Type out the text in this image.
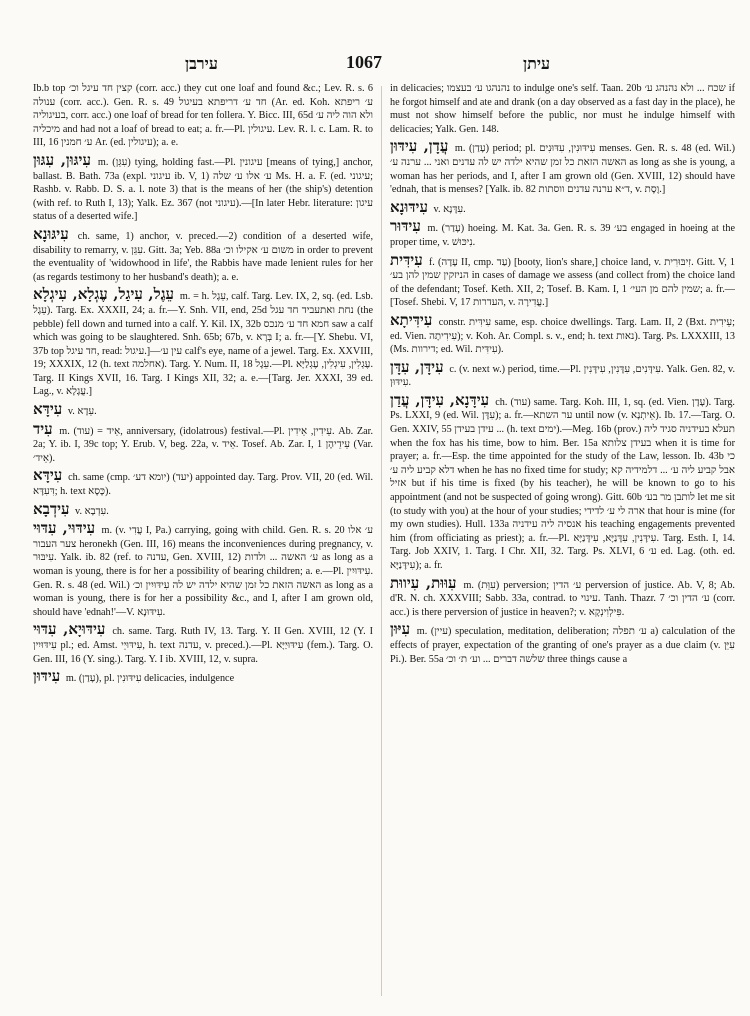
עירבן	1067	עיתן

Ib.b top קצין חד עיגל וכ׳ (corr. acc.) they cut one loaf and found &c.; Lev. R. s. 6 ענולה (corr. acc.). Gen. R. s. 49 חד ע׳ דריפתא בעיגול (Ar. ed. Koh. ע׳ ריפתא בעיגוליה, corr. acc.) one loaf of bread for ten follera. Y. Bicc. III, 65d ולא הוה ליה ע׳ מיכליה and had not a loaf of bread to eat; a. fr.—Pl. עיגולין. Lev. R. l. c. Lam. R. to III, 16 ע׳ חמנין Ar. (ed. עיגולין); a. e.

עִיגּוּן, עִגּוּן m. (עִגֵּן) tying, holding fast.—Pl. עיגונין [means of tying,] anchor, ballast. B. Bath. 73a (expl. עיגוני ib. V, 1) ע׳ אלו ע׳ שלה Ms. H. a. F. (ed. עיגוני; Rashb. v. Rabb. D. S. a. l. note 3) that is the means of her (the ship's) detention (with ref. to Ruth I, 13); Yalk. Ez. 367 (not עיגוני).—[In later Hebr. literature: עיגון status of a deserted wife.]

עִיגּוּנָא ch. same, 1) anchor, v. preced.—2) condition of a deserted wife, disability to remarry, v. עִגֵּן. Gitt. 3a; Yeb. 88a משום ע׳ אקילו וכ׳ in order to prevent the eventuality of 'widowhood in life', the Rabbis have made lenient rules for her (as regards testimony to her husband's death); a. e.

עֵגֶל, עִיגַל, עֶגְלָא, עִיגְלָא m. = h. עֵגֶל, calf. Targ. Lev. IX, 2, sq. (ed. Lsb. עֵגֶל). Targ. Ex. XXXII, 24; a. fr.—Y. Snh. VII, end, 25d נחת ואתעביד חד עגל (the pebble) fell down and turned into a calf. Y. Kil. IX, 32b חמא חד ע׳ מנכס saw a calf which was going to be slaughtered. Snh. 65b; 67b, v. בְּרָא I; a. fr.—[Y. Shebu. VI, 37b top חד עיגל, read: עיגול.]—עין ע׳ calf's eye, name of a jewel. Targ. Ex. XXVIII, 19; XXXIX, 12 (h. text אחלמה). Targ. Y. Num. II, 18 עֵגֶל.—Pl. עֶגְלִין, עִיגְלִין, עֶגְלַיָּא. Targ. II Kings XVII, 16. Targ. I Kings XII, 32; a. e.—[Targ. Jer. XXXI, 39 ed. Lag., v. עֲגָלָא.]

עִידָּא v. עֵדָא.

עִיד m. (עוד) = אֵיד, anniversary, (idolatrous) festival.—Pl. עֵידִין, אֵידִין. Ab. Zar. 2a; Y. ib. I, 39c top; Y. Erub. V, beg. 22a, v. אֵיד. Tosef. Ab. Zar. I, 1 עֵידֵיהֶן (Var. אֵיד׳).

עִידָּא ch. same (cmp. יומא דע׳) (יעד) appointed day. Targ. Prov. VII, 20 (ed. Wil. דִּעִדָּא; h. text כֶּסֶא).

עִידְבָא v. עִדְבָא.

עִידּוּי, עִדּוּי m. (v. עֲדִי I, Pa.) carrying, going with child. Gen. R. s. 20 ע׳ אלו צער העבור heronekh (Gen. III, 16) means the inconveniences during pregnancy, v. עִיבּוּר. Yalk. ib. 82 (ref. to עדנה, Gen. XVIII, 12) ע׳ האשה ... ולדות as long as a woman is young, there is for her a possibility of bearing children; a. e.—Pl. עִידּוּיִין. Gen. R. s. 48 (ed. Wil.) האשה הזאת כל זמן שהיא ילדה יש לה עִידּוּיִין וכ׳ as long as a woman is young, there is for her a possibility &c., and I, after I am grown old, should have 'ednah!'—V. עִידּוּנָא.

עִידּוּיָא, עִדּוּי ch. same. Targ. Ruth IV, 13. Targ. Y. II Gen. XVIII, 12 (Y. I עִידּוּיִין pl.; ed. Amst. עִידּוּיֵי, h. text עדנה, v. preced.).—Pl. עִידּוּיַיָּא (fem.). Targ. O. Gen. III, 16 (Y. sing.). Targ. Y. I ib. XVIII, 12, v. supra.

עִידּוּן m. (עָדַן), pl. עִידּוּנִין delicacies, indulgence

in delicacies; נהנהגו ע׳ בעצמו to indulge one's self. Taan. 20b שכח ... ולא נהנהג ע׳ if he forgot himself and ate and drank (on a day observed as a fast day in the place), he must not show himself before the public, nor must he indulge himself with delicacies; Yalk. Gen. 148.

עֲדָן, עִידּוּן m. (עָדַן) period; pl. עִידּוּנִין, עִדּוּנִים menses. Gen. R. s. 48 (ed. Wil.) האשה הזאת כל זמן שהיא ילדה יש לה עדנים ואני ... ערנה ע׳ as long as she is young, a woman has her periods, and I, after I am grown old (Gen. XVIII, 12) should have 'ednah, that is menses? [Yalk. ib. 82 ד״א ערנה עדנים ווסתות, v. וֶסֶת.]

עִידּוּנָא v. עִדָּנָא.

עִידּוּר m. (עָדַר) hoeing. M. Kat. 3a. Gen. R. s. 39 בע׳ engaged in hoeing at the proper time, v. נִיכּוּשׁ.

עִידִּית f. (עָדָה II, cmp. עַד) [booty, lion's share,] choice land, v. זִיבּוּרִית. Gitt. V, 1 הניזקין שמין להן בע׳ in cases of damage we assess (and collect from) the choice land of the defendant; Tosef. Keth. XII, 2; Tosef. B. Kam. I, 1 שמין להם מן העי׳; a. fr.—[Tosef. Shebi. V, 17 העדרות, v. עֲדִירָה.]

עִידִּיתָא constr. עִידִּית same, esp. choice dwellings. Targ. Lam. II, 2 (Bxt. עֵידִית; ed. Vien. עִידִיתָה); v. Koh. Ar. Compl. s. v., end; h. text נאות). Targ. Ps. LXXXIII, 13 (Ms. דירוות; ed. Wil. עִידִּית).

עִידָּן, עִדָּן c. (v. next w.) period, time.—Pl. עִידָּנִים, עִדָּנִין, עִידָּנִין. Yalk. Gen. 82, v. עִידּוּן.

עִידָּנָא, עִידָּן, עֲדַן ch. (עוד) same. Targ. Koh. III, 1, sq. (ed. Vien. עָדָן). Targ. Ps. LXXI, 9 (ed. Wil. עִדָּן); a. fr.—ער השתא until now (v. אֵיתְנָא). Ib. 17.—Targ. O. Gen. XXIV, 55 עידן בעידן ... (h. text ימים).—Meg. 16b (prov.) תעלא בעידניה סגיד ליה when the fox has his time, bow to him. Ber. 15a בעידן צלותא when it is time for prayer; a. fr.—Esp. the time appointed for the study of the Law, lesson. Ib. 43b כי דלא קביע ליה ע׳ when he has no fixed time for study; אבל קביע ליה ע׳ ... דלמידיה קא אזיל but if his time is fixed (by his teacher), he will be known to go to his appointment (and not be suspected of going wrong). Gitt. 60b לותבן מר בע׳ let me sit (to study with you) at the hour of your studies; ארה לי ע׳ לדידי that hour is mine (for my own studies). Hull. 133a אנסיה ליה עידניה his teaching engagements prevented him (from officiating as priest); a. fr.—Pl. עִידָּנִין, עִדָּנַיָּא, עִידָּנַיָּא. Targ. Esth. I, 14. Targ. Job XXIV, 1. Targ. I Chr. XII, 32. Targ. Ps. XLVI, 6 ע׳ ed. Lag. (oth. ed. עִידָּנַיָּא); a. fr.

עִוּוּת, עִיווּת m. (עִוֵּת) perversion; ע׳ הדין perversion of justice. Ab. V, 8; Ab. d'R. N. ch. XXXVIII; Sabb. 33a, contrad. to עינוי. Tanh. Thazr. 7 ע׳ הדין וכ׳ (corr. acc.) is there perversion of justice in heaven?; v. פִּילְוִינְקָא.

עִיּוּן m. (עיין) speculation, meditation, deliberation; ע׳ תפלה a) calculation of the effects of prayer, expectation of the granting of one's prayer as a due claim (v. עִיֵּן Pi.). Ber. 55a שלשה דברים ... וע׳ ת׳ וכ׳ three things cause a
